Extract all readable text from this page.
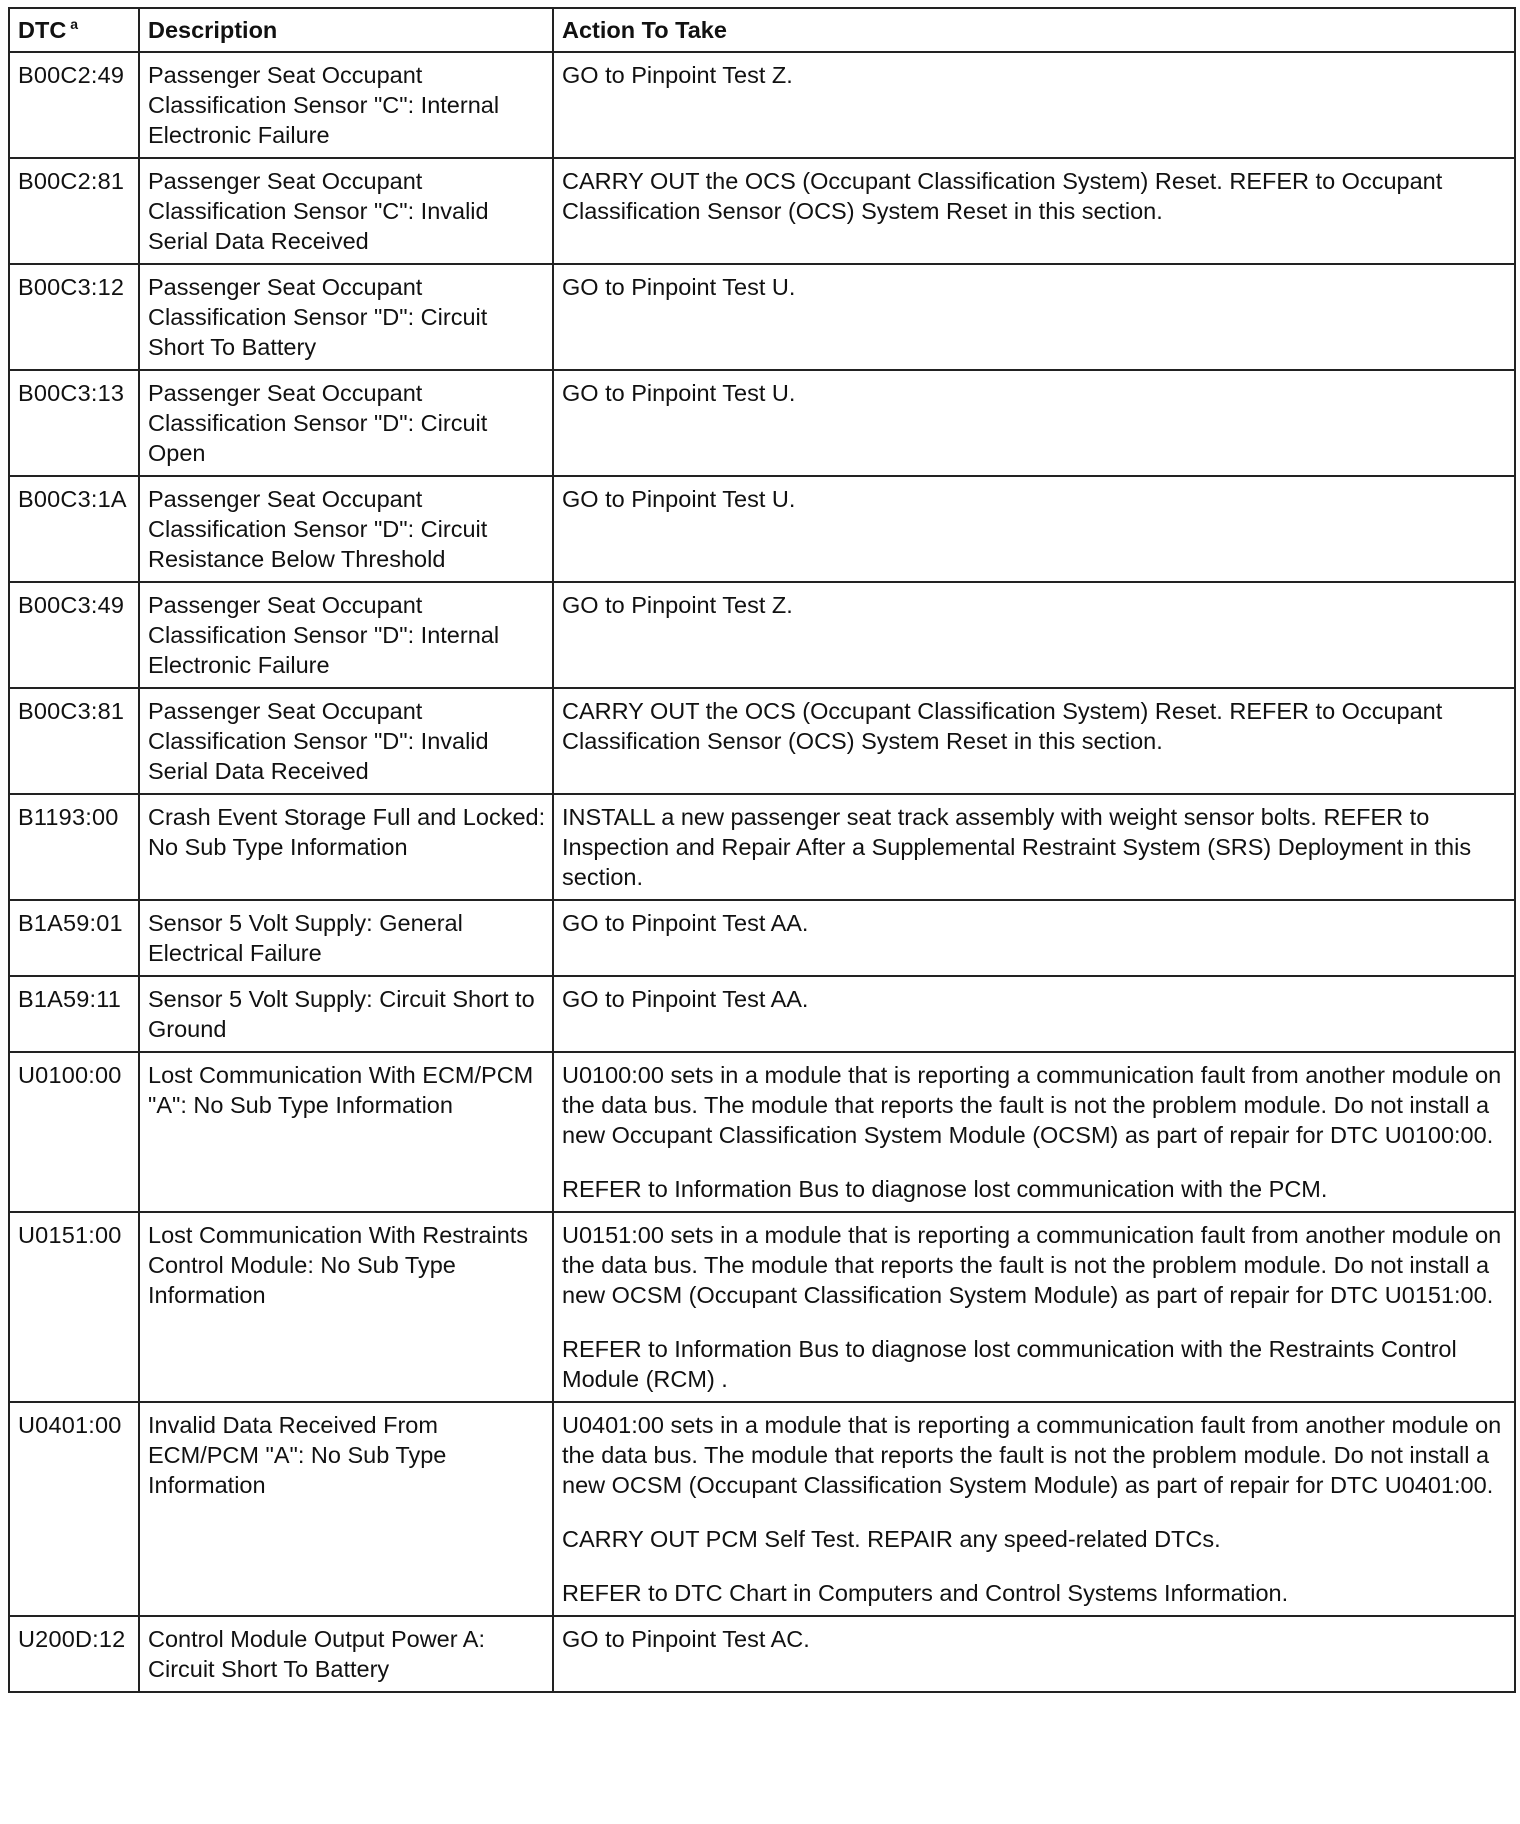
DTC $^a$	Description	Action To Take
B00C2:49	Passenger Seat Occupant Classification Sensor "C": Internal Electronic Failure	GO to Pinpoint Test Z.

B00C2:81	Passenger Seat Occupant Classification Sensor "C": Invalid Serial Data Received	CARRY OUT the OCS (Occupant Classification System) Reset. REFER to Occupant Classification Sensor (OCS) System Reset in this section.

B00C3:12	Passenger Seat Occupant Classification Sensor "D": Circuit Short To Battery	GO to Pinpoint Test U.

B00C3:13	Passenger Seat Occupant Classification Sensor "D": Circuit Open	GO to Pinpoint Test U.

B00C3:1A	Passenger Seat Occupant Classification Sensor "D": Circuit Resistance Below Threshold	GO to Pinpoint Test U.

B00C3:49	Passenger Seat Occupant Classification Sensor "D": Internal Electronic Failure	GO to Pinpoint Test Z.

B00C3:81	Passenger Seat Occupant Classification Sensor "D": Invalid Serial Data Received	CARRY OUT the OCS (Occupant Classification System) Reset. REFER to Occupant Classification Sensor (OCS) System Reset in this section.

B1193:00	Crash Event Storage Full and Locked: No Sub Type Information	INSTALL a new passenger seat track assembly with weight sensor bolts. REFER to Inspection and Repair After a Supplemental Restraint System (SRS) Deployment in this section.

B1A59:01	Sensor 5 Volt Supply: General Electrical Failure	GO to Pinpoint Test AA.

B1A59:11	Sensor 5 Volt Supply: Circuit Short to Ground	GO to Pinpoint Test AA.

U0100:00	Lost Communication With ECM/PCM "A": No Sub Type Information	U0100:00 sets in a module that is reporting a communication fault from another module on the data bus. The module that reports the fault is not the problem module. Do not install a new Occupant Classification System Module (OCSM) as part of repair for DTC U0100:00.

REFER to Information Bus to diagnose lost communication with the PCM.

U0151:00	Lost Communication With Restraints Control Module: No Sub Type Information	U0151:00 sets in a module that is reporting a communication fault from another module on the data bus. The module that reports the fault is not the problem module. Do not install a new OCSM (Occupant Classification System Module) as part of repair for DTC U0151:00.

REFER to Information Bus to diagnose lost communication with the Restraints Control Module (RCM) .

U0401:00	Invalid Data Received From ECM/PCM "A": No Sub Type Information	U0401:00 sets in a module that is reporting a communication fault from another module on the data bus. The module that reports the fault is not the problem module. Do not install a new OCSM (Occupant Classification System Module) as part of repair for DTC U0401:00.

CARRY OUT PCM Self Test. REPAIR any speed-related DTCs.

REFER to DTC Chart in Computers and Control Systems Information.

U200D:12	Control Module Output Power A: Circuit Short To Battery	GO to Pinpoint Test AC.
